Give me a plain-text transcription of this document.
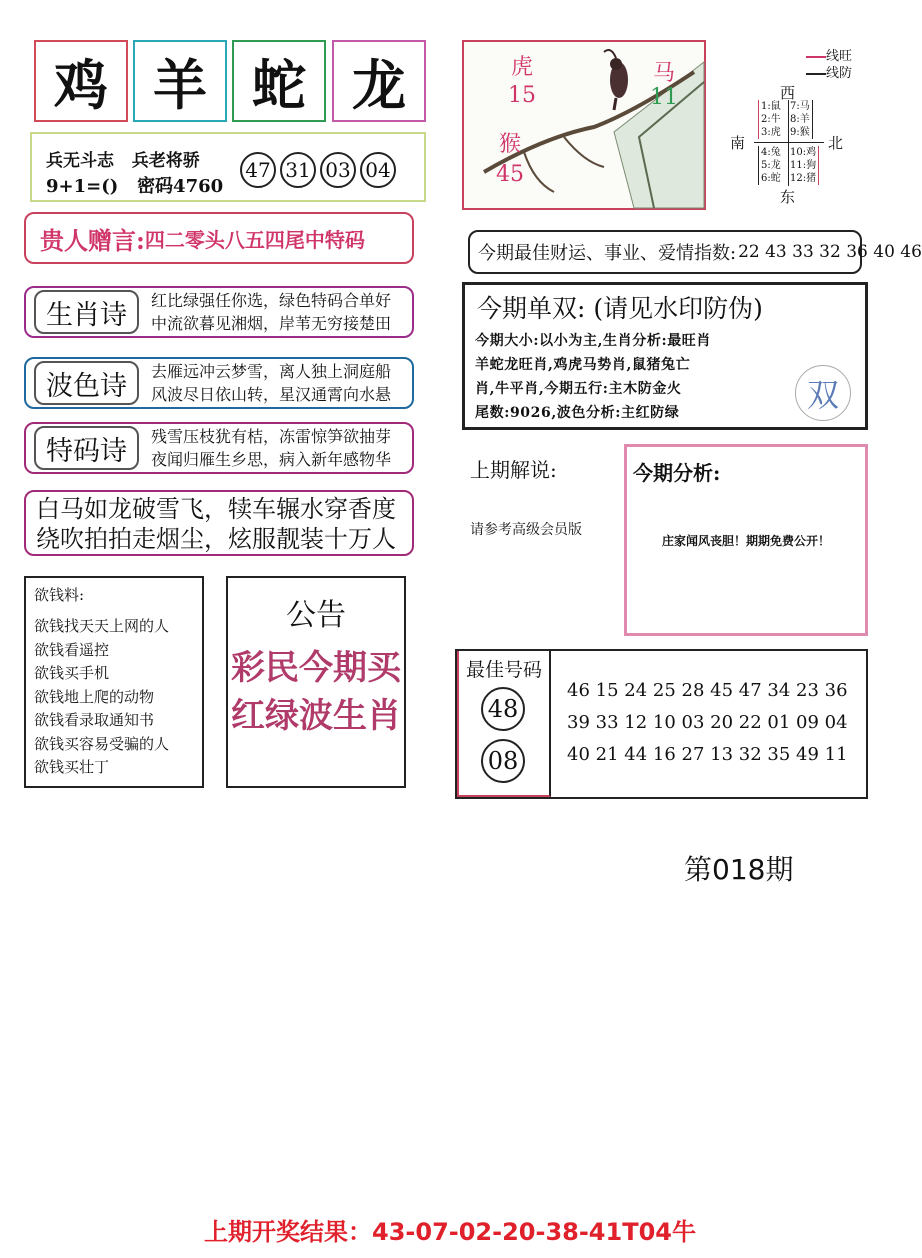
鸡 羊 蛇 龙
兵无斗志 兵老将骄
9+1=() 密码4760
47 31 03 04
贵人赠言: 四二零头八五四尾中特码
生肖诗	红比绿强任你选，绿色特码合单好
中流欲暮见湘烟，岸苇无穷接楚田
波色诗	去雁远冲云梦雪，离人独上洞庭船
风波尽日依山转，星汉通霄向水悬
特码诗	残雪压枝犹有桔，冻雷惊笋欲抽芽
夜闻归雁生乡思，病入新年感物华
白马如龙破雪飞，犊车辗水穿香度
绕吹拍拍走烟尘，炫服靓装十万人
欲钱料:
欲钱找天天上网的人
欲钱看遥控
欲钱买手机
欲钱地上爬的动物
欲钱看录取通知书
欲钱买容易受骗的人
欲钱买壮丁
公告
彩民今期买
红绿波生肖
虎
15
猴
45
马
11
线旺
线防
西
东
南	北
1:鼠
2:牛
3:虎
7:马
8:羊
9:猴
4:兔
5:龙
6:蛇
10:鸡
11:狗
12:猪
今期最佳财运、事业、爱情指数: 22 43 33 32 36 40 46
今期单双: (请见水印防伪)
今期大小:以小为主,生肖分析:最旺肖
羊蛇龙旺肖,鸡虎马势肖,鼠猪兔亡
肖,牛平肖,今期五行:主木防金火
尾数:9026,波色分析:主红防绿	双
上期解说:
请参考高级会员版
今期分析:
庄家闻风丧胆！期期免费公开！
最佳号码
48
08
46 15 24 25 28 45 47 34 23 36
39 33 12 10 03 20 22 01 09 04
40 21 44 16 27 13 32 35 49 11
第018期
上期开奖结果：43-07-02-20-38-41T04牛
